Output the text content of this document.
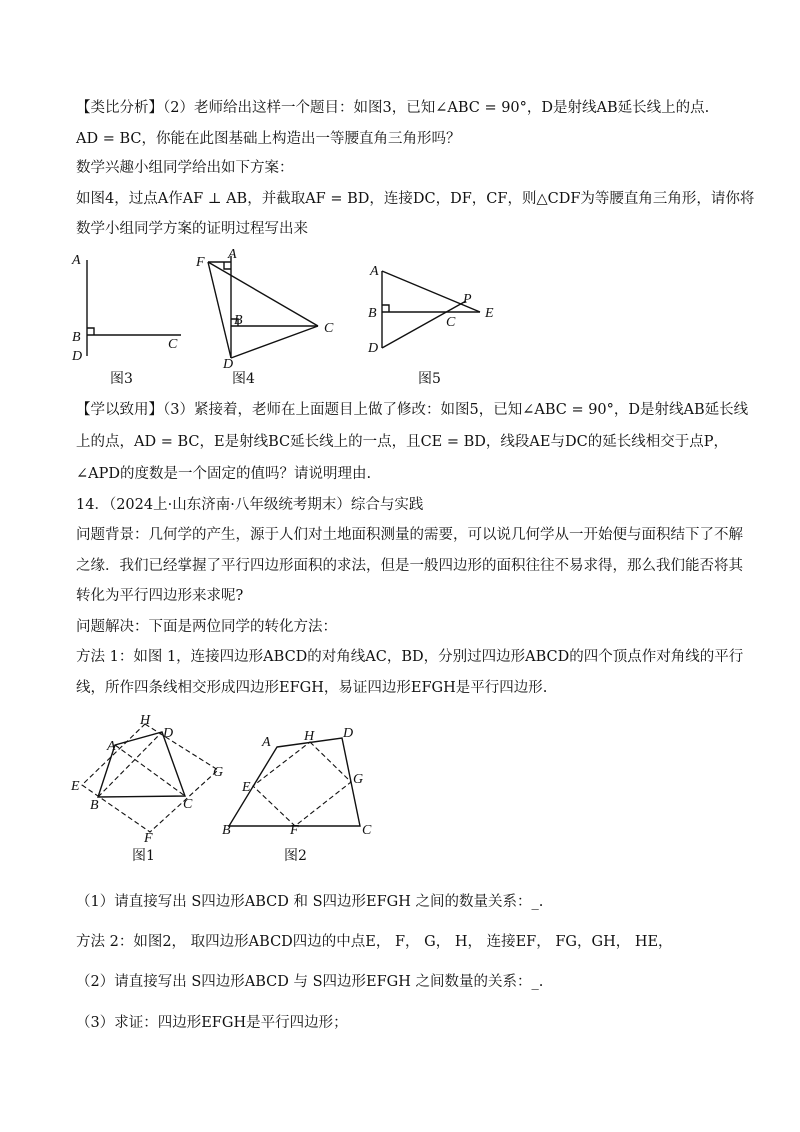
【类比分析】（2）老师给出这样一个题目：如图3，已知∠ABC = 90°，D是射线AB延长线上的点.
AD = BC，你能在此图基础上构造出一等腰直角三角形吗？
数学兴趣小组同学给出如下方案：
如图4，过点A作AF ⊥ AB，并截取AF = BD，连接DC，DF，CF，则△CDF为等腰直角三角形，请你将
数学小组同学方案的证明过程写出来
A
B
D
C
图3
F
A
B
C
D
图4
A
B
P
C
E
D
图5
【学以致用】（3）紧接着，老师在上面题目上做了修改：如图5，已知∠ABC = 90°，D是射线AB延长线
上的点，AD = BC，E是射线BC延长线上的一点，且CE = BD，线段AE与DC的延长线相交于点P，
∠APD的度数是一个固定的值吗？请说明理由.
14．（2024上·山东济南·八年级统考期末）综合与实践
问题背景：几何学的产生，源于人们对土地面积测量的需要，可以说几何学从一开始便与面积结下了不解
之缘．我们已经掌握了平行四边形面积的求法，但是一般四边形的面积往往不易求得，那么我们能否将其
转化为平行四边形来求呢?
问题解决：下面是两位同学的转化方法：
方法 1：如图 1，连接四边形ABCD的对角线AC，BD，分别过四边形ABCD的四个顶点作对角线的平行
线，所作四条线相交形成四边形EFGH，易证四边形EFGH是平行四边形.
H
D
A
G
E
B	C
F
图1
A H D
G
E
B	F	C
图2
（1）请直接写出 S四边形ABCD 和 S四边形EFGH 之间的数量关系：_.
方法 2：如图2， 取四边形ABCD四边的中点E， F， G， H， 连接EF， FG，GH， HE，
（2）请直接写出 S四边形ABCD 与 S四边形EFGH 之间数量的关系：_.
（3）求证：四边形EFGH是平行四边形；
